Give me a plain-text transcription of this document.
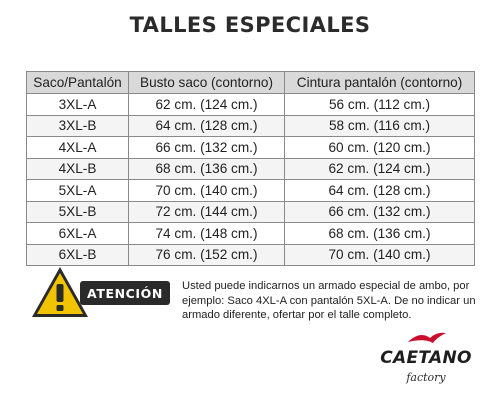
TALLES ESPECIALES
Saco/Pantalón	Busto saco (contorno)	Cintura pantalón (contorno)
3XL-A	62 cm. (124 cm.)	56 cm. (112 cm.)
3XL-B	64 cm. (128 cm.)	58 cm. (116 cm.)
4XL-A	66 cm. (132 cm.)	60 cm. (120 cm.)
4XL-B	68 cm. (136 cm.)	62 cm. (124 cm.)
5XL-A	70 cm. (140 cm.)	64 cm. (128 cm.)
5XL-B	72 cm. (144 cm.)	66 cm. (132 cm.)
6XL-A	74 cm. (148 cm.)	68 cm. (136 cm.)
6XL-B	76 cm. (152 cm.)	70 cm. (140 cm.)
ATENCIÓN	Usted puede indicarnos un armado especial de ambo, por ejemplo: Saco 4XL-A con pantalón 5XL-A. De no indicar un armado diferente, ofertar por el talle completo.
CAETANO
factory
